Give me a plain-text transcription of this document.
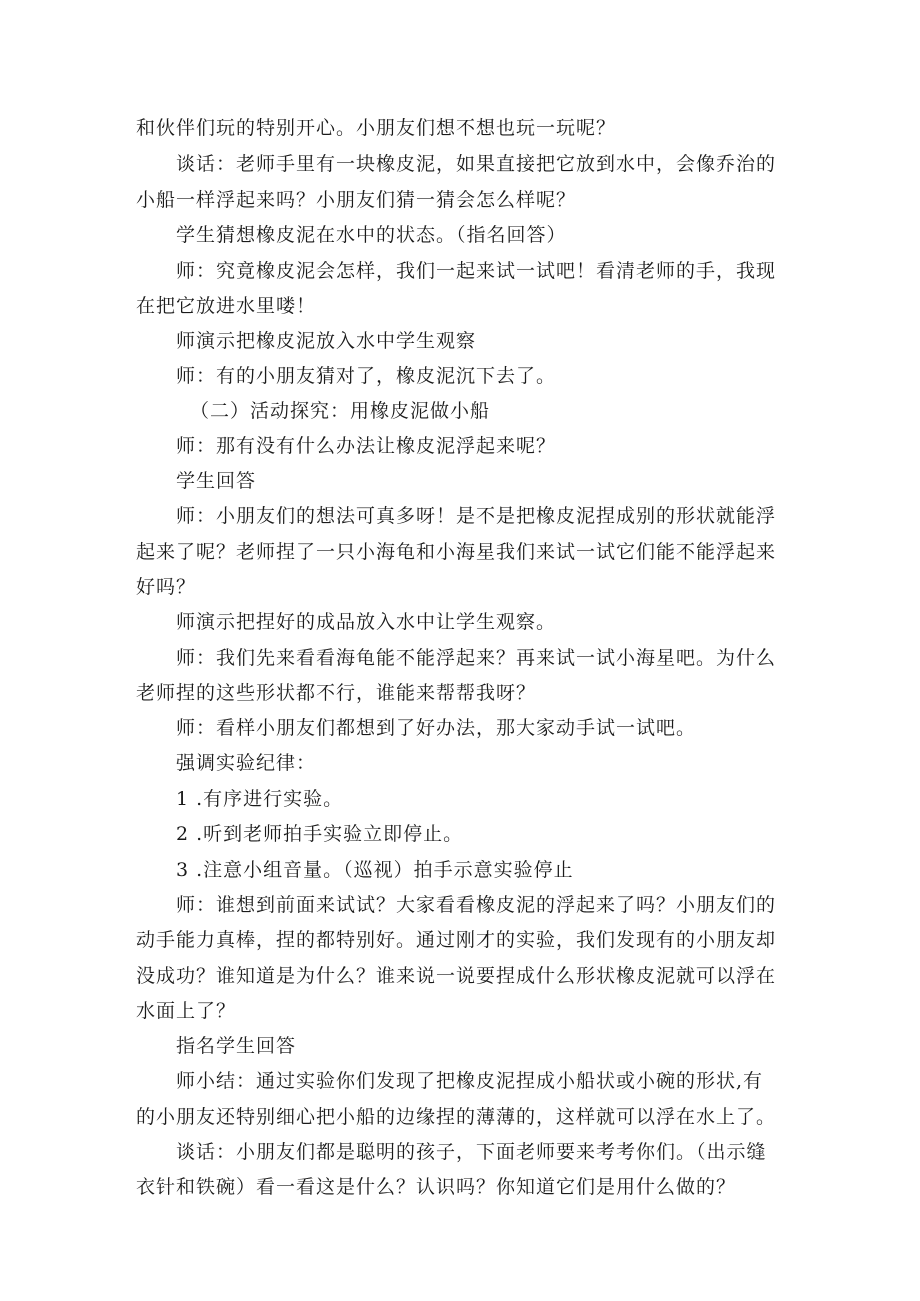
和伙伴们玩的特别开心。小朋友们想不想也玩一玩呢？
谈话：老师手里有一块橡皮泥，如果直接把它放到水中，会像乔治的
小船一样浮起来吗？小朋友们猜一猜会怎么样呢？
学生猜想橡皮泥在水中的状态。（指名回答）
师：究竟橡皮泥会怎样，我们一起来试一试吧！看清老师的手，我现
在把它放进水里喽！
师演示把橡皮泥放入水中学生观察
师：有的小朋友猜对了，橡皮泥沉下去了。
（二）活动探究：用橡皮泥做小船
师：那有没有什么办法让橡皮泥浮起来呢？
学生回答
师：小朋友们的想法可真多呀！是不是把橡皮泥捏成别的形状就能浮
起来了呢？老师捏了一只小海龟和小海星我们来试一试它们能不能浮起来
好吗？
师演示把捏好的成品放入水中让学生观察。
师：我们先来看看海龟能不能浮起来？再来试一试小海星吧。为什么
老师捏的这些形状都不行，谁能来帮帮我呀？
师：看样小朋友们都想到了好办法，那大家动手试一试吧。
强调实验纪律：
1 .有序进行实验。
2 .听到老师拍手实验立即停止。
3 .注意小组音量。（巡视）拍手示意实验停止
师：谁想到前面来试试？大家看看橡皮泥的浮起来了吗？小朋友们的
动手能力真棒，捏的都特别好。通过刚才的实验，我们发现有的小朋友却
没成功？谁知道是为什么？谁来说一说要捏成什么形状橡皮泥就可以浮在
水面上了？
指名学生回答
师小结：通过实验你们发现了把橡皮泥捏成小船状或小碗的形状,有
的小朋友还特别细心把小船的边缘捏的薄薄的，这样就可以浮在水上了。
谈话：小朋友们都是聪明的孩子，下面老师要来考考你们。（出示缝
衣针和铁碗）看一看这是什么？认识吗？你知道它们是用什么做的？
